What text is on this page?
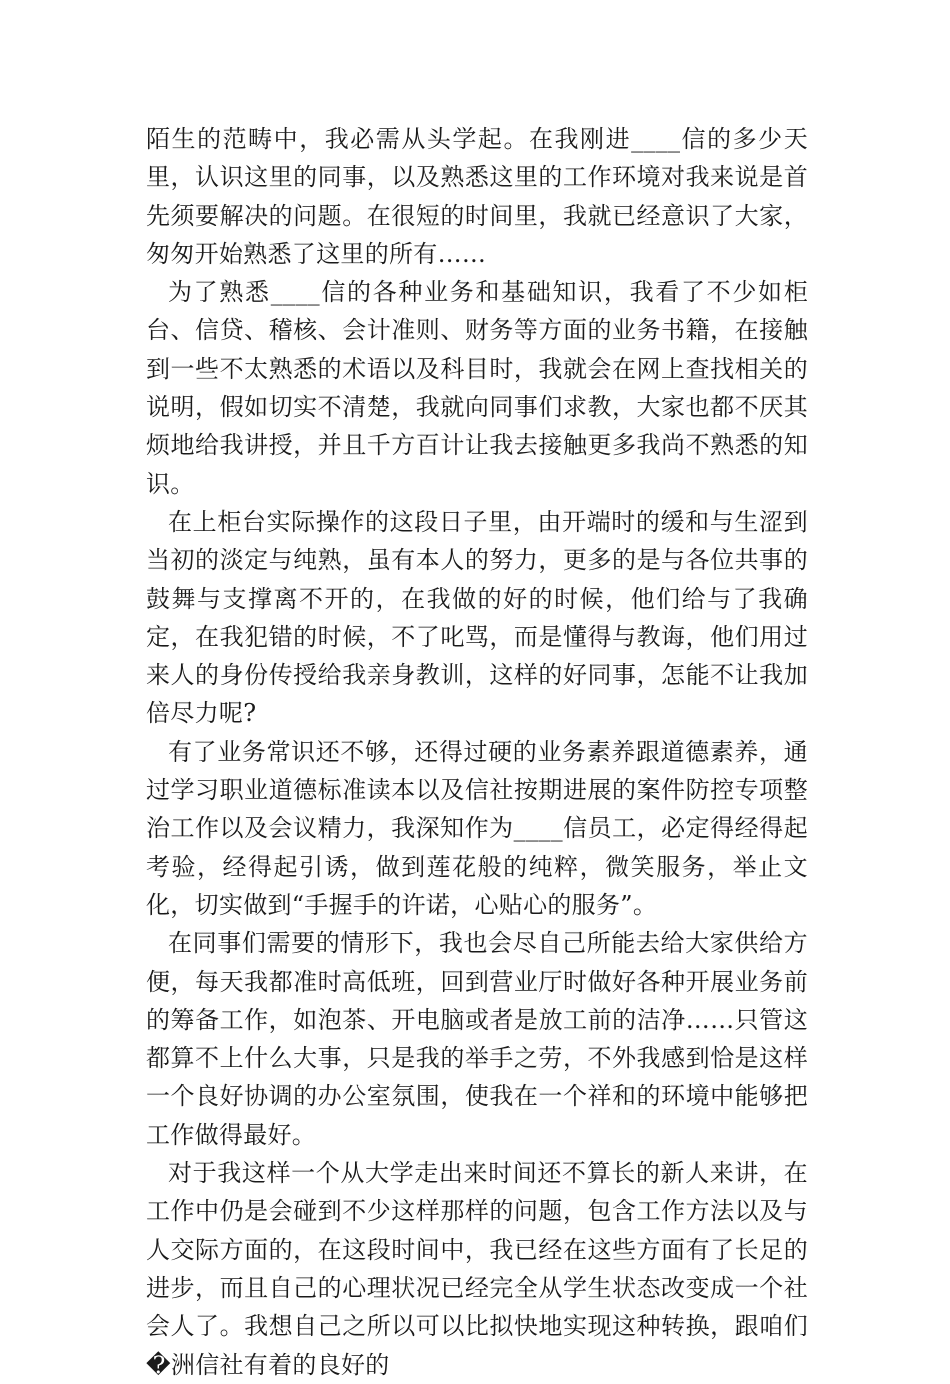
陌生的范畴中，我必需从头学起。在我刚进____信的多少天里，认识这里的同事，以及熟悉这里的工作环境对我来说是首先须要解决的问题。在很短的时间里，我就已经意识了大家，匆匆开始熟悉了这里的所有……

为了熟悉____信的各种业务和基础知识，我看了不少如柜台、信贷、稽核、会计准则、财务等方面的业务书籍，在接触到一些不太熟悉的术语以及科目时，我就会在网上查找相关的说明，假如切实不清楚，我就向同事们求教，大家也都不厌其烦地给我讲授，并且千方百计让我去接触更多我尚不熟悉的知识。

在上柜台实际操作的这段日子里，由开端时的缓和与生涩到当初的淡定与纯熟，虽有本人的努力，更多的是与各位共事的鼓舞与支撑离不开的，在我做的好的时候，他们给与了我确定，在我犯错的时候，不了叱骂，而是懂得与教诲，他们用过来人的身份传授给我亲身教训，这样的好同事，怎能不让我加倍尽力呢?

有了业务常识还不够，还得过硬的业务素养跟道德素养，通过学习职业道德标准读本以及信社按期进展的案件防控专项整治工作以及会议精力，我深知作为____信员工，必定得经得起考验，经得起引诱，做到莲花般的纯粹，微笑服务，举止文化，切实做到“手握手的许诺，心贴心的服务”。

在同事们需要的情形下，我也会尽自己所能去给大家供给方便，每天我都准时高低班，回到营业厅时做好各种开展业务前的筹备工作，如泡茶、开电脑或者是放工前的洁净……只管这都算不上什么大事，只是我的举手之劳，不外我感到恰是这样一个良好协调的办公室氛围，使我在一个祥和的环境中能够把工作做得最好。

对于我这样一个从大学走出来时间还不算长的新人来讲，在工作中仍是会碰到不少这样那样的问题，包含工作方法以及与人交际方面的，在这段时间中，我已经在这些方面有了长足的进步，而且自己的心理状况已经完全从学生状态改变成一个社会人了。我想自己之所以可以比拟快地实现这种转换，跟咱们�洲信社有着的良好的
